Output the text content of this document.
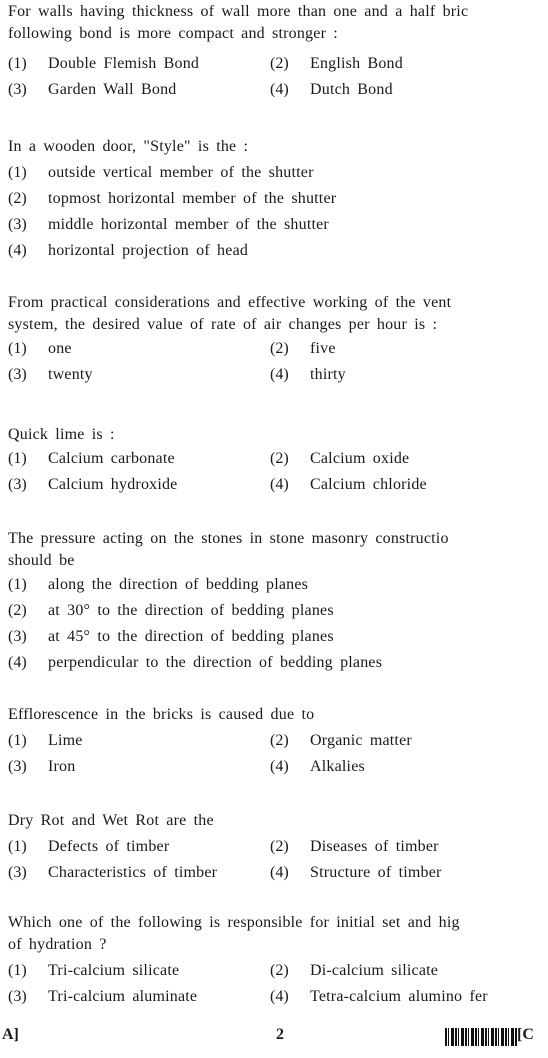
For walls having thickness of wall more than one and a half bric
following bond is more compact and stronger :
(1)	Double Flemish Bond	(2)	English Bond
(3)	Garden Wall Bond	(4)	Dutch Bond
In a wooden door, "Style" is the :
(1)	outside vertical member of the shutter
(2)	topmost horizontal member of the shutter
(3)	middle horizontal member of the shutter
(4)	horizontal projection of head
From practical considerations and effective working of the vent
system, the desired value of rate of air changes per hour is :
(1)	one	(2)	five
(3)	twenty	(4)	thirty
Quick lime is :
(1)	Calcium carbonate	(2)	Calcium oxide
(3)	Calcium hydroxide	(4)	Calcium chloride
The pressure acting on the stones in stone masonry constructio
should be
(1)	along the direction of bedding planes
(2)	at 30° to the direction of bedding planes
(3)	at 45° to the direction of bedding planes
(4)	perpendicular to the direction of bedding planes
Efflorescence in the bricks is caused due to
(1)	Lime	(2)	Organic matter
(3)	Iron	(4)	Alkalies
Dry Rot and Wet Rot are the
(1)	Defects of timber	(2)	Diseases of timber
(3)	Characteristics of timber	(4)	Structure of timber
Which one of the following is responsible for initial set and hig
of hydration ?
(1)	Tri-calcium silicate	(2)	Di-calcium silicate
(3)	Tri-calcium aluminate	(4)	Tetra-calcium alumino fer
A]	2	[C
